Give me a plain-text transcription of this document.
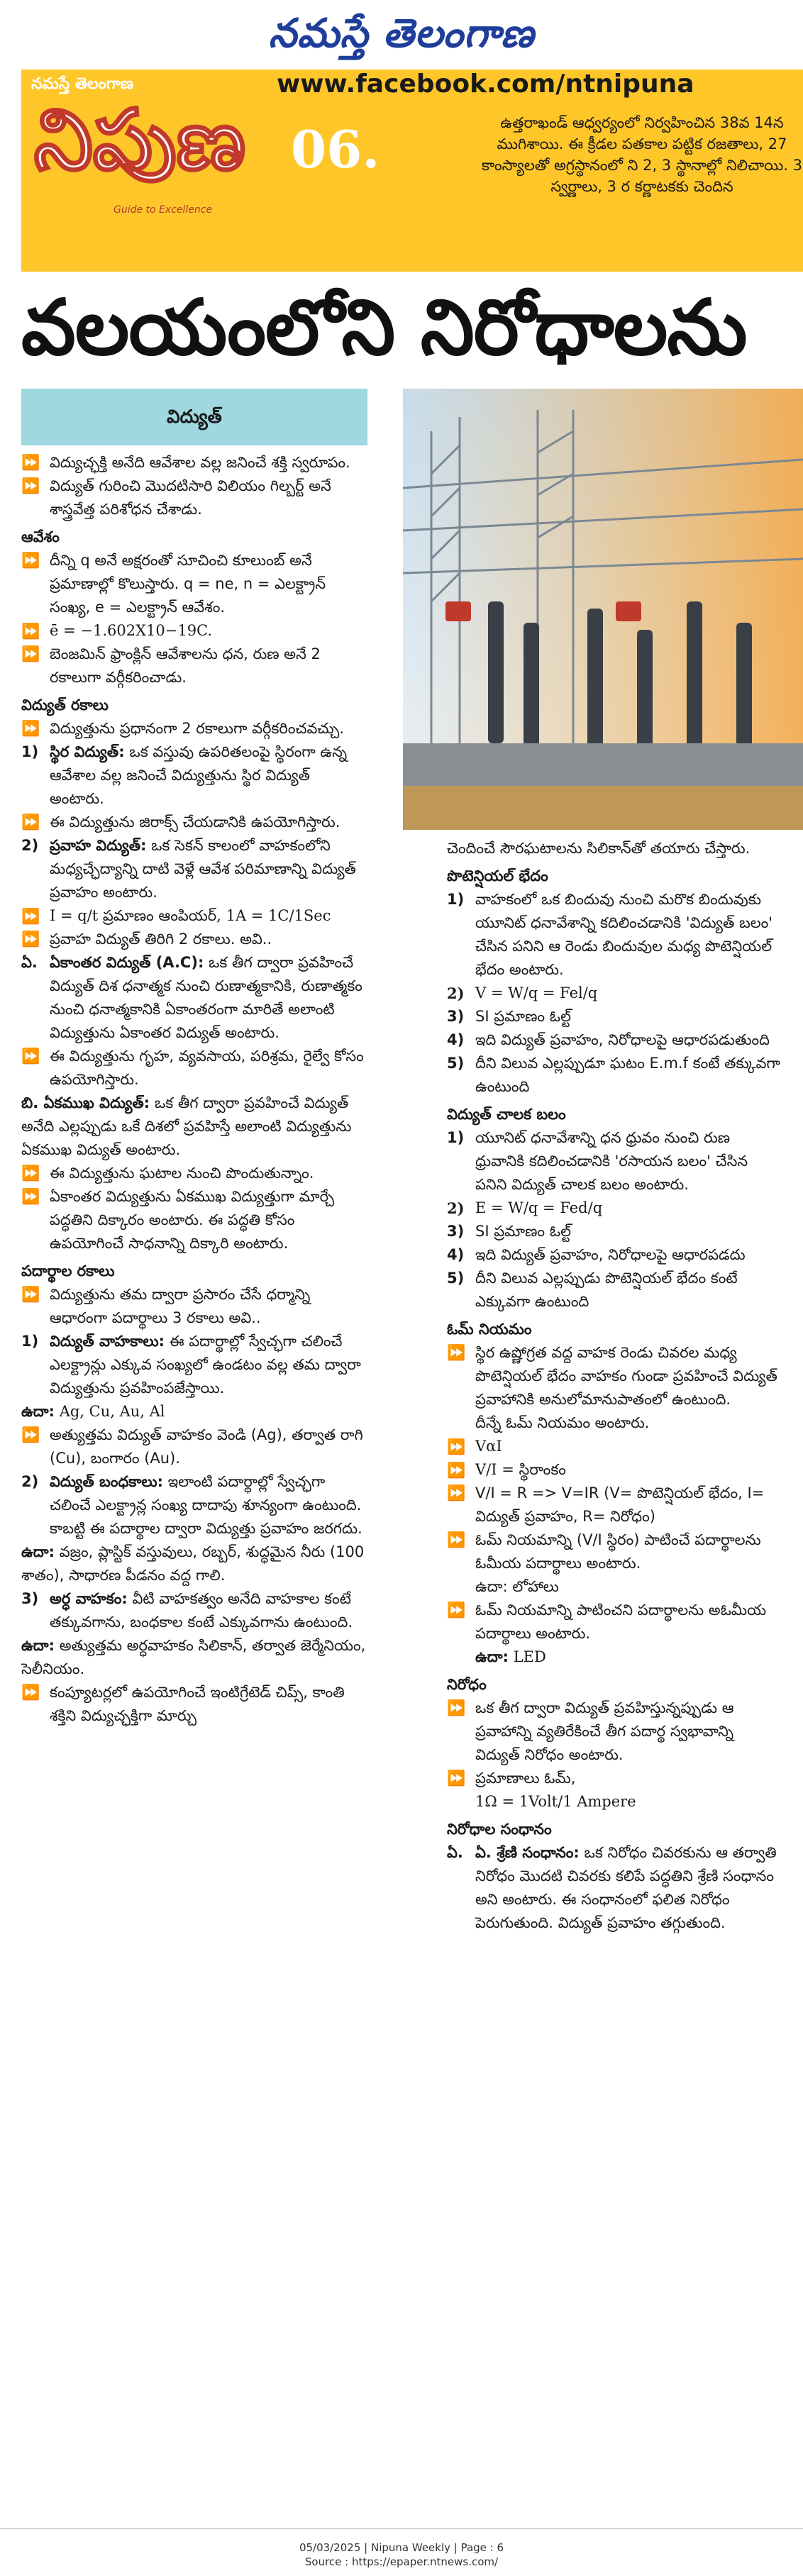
నమస్తే తెలంగాణ
నమస్తే తెలంగాణ
నిపుణ
Guide to Excellence
www.facebook.com/ntnipuna
06.	ఉత్తరాఖండ్ ఆధ్వర్యంలో నిర్వహించిన 38వ 14న ముగిశాయి. ఈ క్రీడల పతకాల పట్టిక రజతాలు, 27 కాంస్యాలతో అగ్రస్థానంలో ని 2, 3 స్థానాల్లో నిలిచాయి. 3 స్వర్ణాలు, 3 ర కర్ణాటకకు చెందిన
వలయంలోని నిరోధాలను
విద్యుత్
⏩ విద్యుచ్ఛక్తి అనేది ఆవేశాల వల్ల జనించే శక్తి స్వరూపం.
⏩ విద్యుత్ గురించి మొదటిసారి విలియం గిల్బర్ట్ అనే శాస్త్రవేత్త పరిశోధన చేశాడు.
ఆవేశం
⏩ దీన్ని q అనే అక్షరంతో సూచించి కూలుంబ్ అనే ప్రమాణాల్లో కొలుస్తారు. q = ne, n = ఎలక్ట్రాన్ సంఖ్య, e = ఎలక్ట్రాన్ ఆవేశం.
⏩ ē = −1.602X10−19C.
⏩ బెంజమిన్ ఫ్రాంక్లిన్ ఆవేశాలను ధన, రుణ అనే 2 రకాలుగా వర్గీకరించాడు.
విద్యుత్ రకాలు
⏩ విద్యుత్తును ప్రధానంగా 2 రకాలుగా వర్గీకరించవచ్చు.
1) స్థిర విద్యుత్: ఒక వస్తువు ఉపరితలంపై స్థిరంగా ఉన్న ఆవేశాల వల్ల జనించే విద్యుత్తును స్థిర విద్యుత్ అంటారు.
⏩ ఈ విద్యుత్తును జిరాక్స్ చేయడానికి ఉపయోగిస్తారు.
2) ప్రవాహ విద్యుత్: ఒక సెకన్ కాలంలో వాహకంలోని మధ్యచ్ఛేద్యాన్ని దాటి వెళ్లే ఆవేశ పరిమాణాన్ని విద్యుత్ ప్రవాహం అంటారు.
⏩ I = q/t ప్రమాణం ఆంపియర్, 1A = 1C/1Sec
⏩ ప్రవాహ విద్యుత్ తిరిగి 2 రకాలు. అవి..
ఏ. ఏకాంతర విద్యుత్ (A.C): ఒక తీగ ద్వారా ప్రవహించే విద్యుత్ దిశ ధనాత్మక నుంచి రుణాత్మకానికి, రుణాత్మకం నుంచి ధనాత్మకానికి ఏకాంతరంగా మారితే అలాంటి విద్యుత్తును ఏకాంతర విద్యుత్ అంటారు.
⏩ ఈ విద్యుత్తును గృహ, వ్యవసాయ, పరిశ్రమ, రైల్వే కోసం ఉపయోగిస్తారు.
బి. ఏకముఖ విద్యుత్: ఒక తీగ ద్వారా ప్రవహించే విద్యుత్ అనేది ఎల్లప్పుడు ఒకే దిశలో ప్రవహిస్తే అలాంటి విద్యుత్తును ఏకముఖ విద్యుత్ అంటారు.
⏩ ఈ విద్యుత్తును ఘటాల నుంచి పొందుతున్నాం.
⏩ ఏకాంతర విద్యుత్తును ఏకముఖ విద్యుత్తుగా మార్చే పద్ధతిని దిక్కారం అంటారు. ఈ పద్ధతి కోసం ఉపయోగించే సాధనాన్ని దిక్కారి అంటారు.
పదార్థాల రకాలు
⏩ విద్యుత్తును తమ ద్వారా ప్రసారం చేసే ధర్మాన్ని ఆధారంగా పదార్థాలు 3 రకాలు అవి..
1) విద్యుత్ వాహకాలు: ఈ పదార్థాల్లో స్వేచ్ఛగా చలించే ఎలక్ట్రాన్లు ఎక్కువ సంఖ్యలో ఉండటం వల్ల తమ ద్వారా విద్యుత్తును ప్రవహింపజేస్తాయి.
ఉదా: Ag, Cu, Au, Al
⏩ అత్యుత్తమ విద్యుత్ వాహకం వెండి (Ag), తర్వాత రాగి (Cu), బంగారం (Au).
2) విద్యుత్ బంధకాలు: ఇలాంటి పదార్థాల్లో స్వేచ్ఛగా చలించే ఎలక్ట్రాన్ల సంఖ్య దాదాపు శూన్యంగా ఉంటుంది. కాబట్టి ఈ పదార్థాల ద్వారా విద్యుత్తు ప్రవాహం జరగదు.
ఉదా: వజ్రం, ప్లాస్టిక్ వస్తువులు, రబ్బర్, శుద్ధమైన నీరు (100 శాతం), సాధారణ పీడనం వద్ద గాలి.
3) అర్ధ వాహకం: వీటి వాహకత్వం అనేది వాహకాల కంటే తక్కువగాను, బంధకాల కంటే ఎక్కువగాను ఉంటుంది.
ఉదా: అత్యుత్తమ అర్ధవాహకం సిలికాన్, తర్వాత జెర్మేనియం, సెలీనియం.
⏩ కంప్యూటర్లలో ఉపయోగించే ఇంటిగ్రేటెడ్ చిప్స్, కాంతి శక్తిని విద్యుచ్ఛక్తిగా మార్చు
చెందించే సౌరఘటాలను సిలికాన్‌తో తయారు చేస్తారు.
పొటెన్షియల్ భేదం
1) వాహకంలో ఒక బిందువు నుంచి మరొక బిందువుకు యూనిట్ ధనావేశాన్ని కదిలించడానికి 'విద్యుత్ బలం' చేసిన పనిని ఆ రెండు బిందువుల మధ్య పొటెన్షియల్ భేదం అంటారు.
2) V = W/q = Fel/q
3) SI ప్రమాణం ఓల్ట్
4) ఇది విద్యుత్ ప్రవాహం, నిరోధాలపై ఆధారపడుతుంది
5) దీని విలువ ఎల్లప్పుడూ ఘటం E.m.f కంటే తక్కువగా ఉంటుంది
విద్యుత్ చాలక బలం
1) యూనిట్ ధనావేశాన్ని ధన ధ్రువం నుంచి రుణ ధ్రువానికి కదిలించడానికి 'రసాయన బలం' చేసిన పనిని విద్యుత్ చాలక బలం అంటారు.
2) E = W/q = Fed/q
3) SI ప్రమాణం ఓల్ట్
4) ఇది విద్యుత్ ప్రవాహం, నిరోధాలపై ఆధారపడదు
5) దీని విలువ ఎల్లప్పుడు పొటెన్షియల్ భేదం కంటే ఎక్కువగా ఉంటుంది
ఓమ్ నియమం
⏩ స్థిర ఉష్ణోగ్రత వద్ద వాహక రెండు చివరల మధ్య పొటెన్షియల్ భేదం వాహకం గుండా ప్రవహించే విద్యుత్ ప్రవాహానికి అనులోమానుపాతంలో ఉంటుంది.
దీన్నే ఓమ్ నియమం అంటారు.
⏩ VαI
⏩ V/I = స్థిరాంకం
⏩ V/I = R => V=IR (V= పొటెన్షియల్ భేదం, I= విద్యుత్ ప్రవాహం, R= నిరోధం)
⏩ ఓమ్ నియమాన్ని (V/I స్థిరం) పాటించే పదార్థాలను ఓమీయ పదార్థాలు అంటారు.
ఉదా: లోహాలు
⏩ ఓమ్ నియమాన్ని పాటించని పదార్థాలను అఓమీయ పదార్థాలు అంటారు.
ఉదా: LED
నిరోధం
⏩ ఒక తీగ ద్వారా విద్యుత్ ప్రవహిస్తున్నప్పుడు ఆ ప్రవాహాన్ని వ్యతిరేకించే తీగ పదార్థ స్వభావాన్ని విద్యుత్ నిరోధం అంటారు.
⏩ ప్రమాణాలు ఓమ్,
1Ω = 1Volt/1 Ampere
నిరోధాల సంధానం
ఏ. ఏ. శ్రేణి సంధానం: ఒక నిరోధం చివరకును ఆ తర్వాతి నిరోధం మొదటి చివరకు కలిపే పద్ధతిని శ్రేణి సంధానం అని అంటారు. ఈ సంధానంలో ఫలిత నిరోధం పెరుగుతుంది. విద్యుత్ ప్రవాహం తగ్గుతుంది.
05/03/2025 | Nipuna Weekly | Page : 6
Source : https://epaper.ntnews.com/
